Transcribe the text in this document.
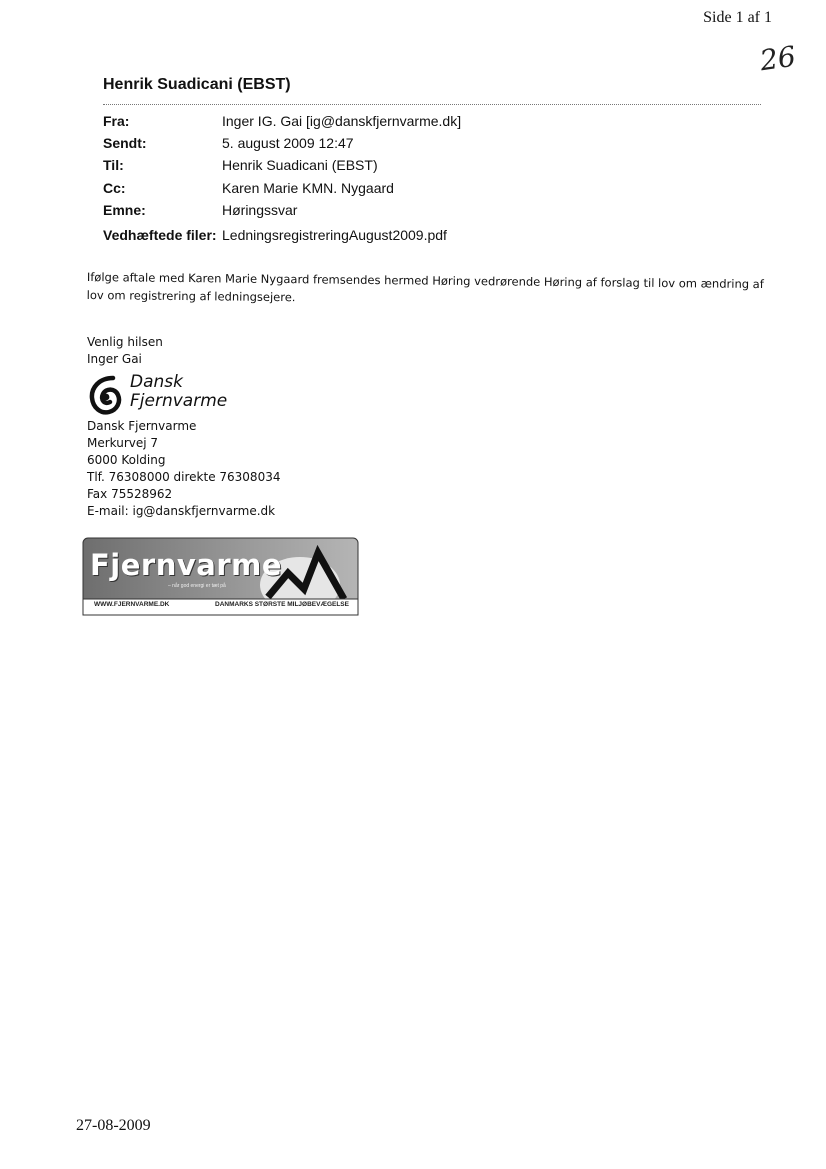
Side 1 af 1
26
Henrik Suadicani (EBST)
Fra:	Inger IG. Gai [ig@danskfjernvarme.dk]
Sendt:	5. august 2009 12:47
Til:	Henrik Suadicani (EBST)
Cc:	Karen Marie KMN. Nygaard
Emne:	Høringssvar
Vedhæftede filer: LedningsregistreringAugust2009.pdf
Ifølge aftale med Karen Marie Nygaard fremsendes hermed Høring vedrørende Høring af forslag til lov om ændring af lov om registrering af ledningsejere.
Venlig hilsen
Inger Gai
Dansk
Fjernvarme
Dansk Fjernvarme
Merkurvej 7
6000 Kolding
Tlf. 76308000 direkte 76308034
Fax 75528962
E-mail: ig@danskfjernvarme.dk
Fjernvarme
– når god energi er tæt på
WWW.FJERNVARME.DK	DANMARKS STØRSTE MILJØBEVÆGELSE
27-08-2009
